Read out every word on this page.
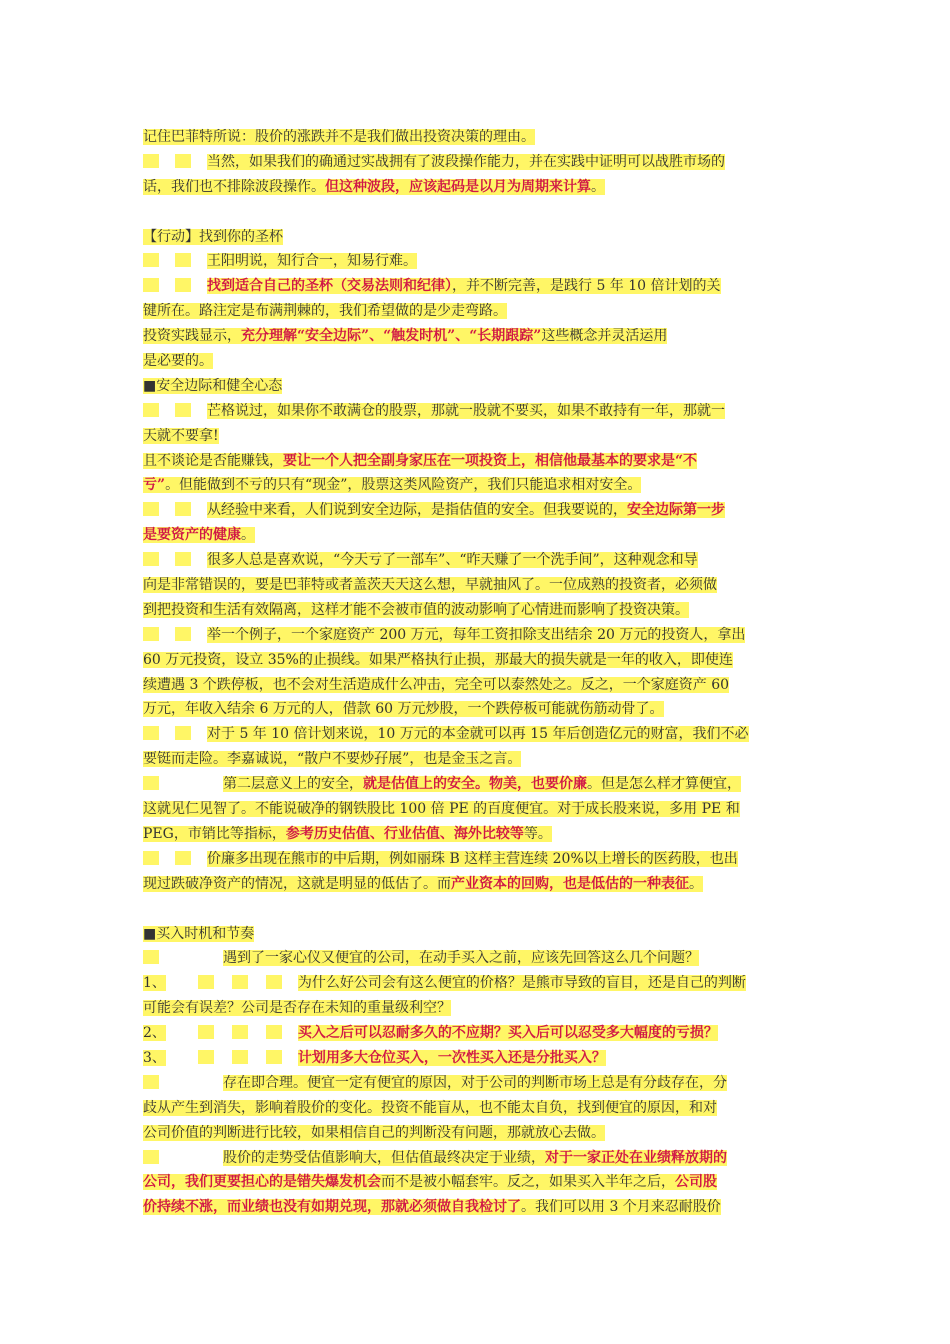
记住巴菲特所说：股价的涨跌并不是我们做出投资决策的理由。
当然，如果我们的确通过实战拥有了波段操作能力，并在实践中证明可以战胜市场的
话，我们也不排除波段操作。但这种波段，应该起码是以月为周期来计算。
【行动】找到你的圣杯
王阳明说，知行合一，知易行难。
找到适合自己的圣杯（交易法则和纪律），并不断完善，是践行 5 年 10 倍计划的关
键所在。路注定是布满荆棘的，我们希望做的是少走弯路。
投资实践显示，充分理解“安全边际”、“触发时机”、“长期跟踪”这些概念并灵活运用
是必要的。
■安全边际和健全心态
芒格说过，如果你不敢满仓的股票，那就一股就不要买，如果不敢持有一年，那就一
天就不要拿!
且不谈论是否能赚钱，要让一个人把全副身家压在一项投资上，相信他最基本的要求是“不
亏”。但能做到不亏的只有“现金”，股票这类风险资产，我们只能追求相对安全。
从经验中来看，人们说到安全边际，是指估值的安全。但我要说的，安全边际第一步
是要资产的健康。
很多人总是喜欢说，“今天亏了一部车”、“昨天赚了一个洗手间”，这种观念和导
向是非常错误的，要是巴菲特或者盖茨天天这么想，早就抽风了。一位成熟的投资者，必须做
到把投资和生活有效隔离，这样才能不会被市值的波动影响了心情进而影响了投资决策。
举一个例子，一个家庭资产 200 万元，每年工资扣除支出结余 20 万元的投资人，拿出
60 万元投资，设立 35%的止损线。如果严格执行止损，那最大的损失就是一年的收入，即使连
续遭遇 3 个跌停板，也不会对生活造成什么冲击，完全可以泰然处之。反之，一个家庭资产 60
万元，年收入结余 6 万元的人，借款 60 万元炒股，一个跌停板可能就伤筋动骨了。
对于 5 年 10 倍计划来说，10 万元的本金就可以再 15 年后创造亿元的财富，我们不必
要铤而走险。李嘉诚说，“散户不要炒孖展”，也是金玉之言。
第二层意义上的安全，就是估值上的安全。物美，也要价廉。但是怎么样才算便宜，
这就见仁见智了。不能说破净的钢铁股比 100 倍 PE 的百度便宜。对于成长股来说，多用 PE 和
PEG，市销比等指标，参考历史估值、行业估值、海外比较等等。
价廉多出现在熊市的中后期，例如丽珠 B 这样主营连续 20%以上增长的医药股，也出
现过跌破净资产的情况，这就是明显的低估了。而产业资本的回购，也是低估的一种表征。
■买入时机和节奏
遇到了一家心仪又便宜的公司，在动手买入之前，应该先回答这么几个问题？
1、	为什么好公司会有这么便宜的价格？是熊市导致的盲目，还是自己的判断
可能会有误差？公司是否存在未知的重量级利空？
2、	买入之后可以忍耐多久的不应期？买入后可以忍受多大幅度的亏损？
3、	计划用多大仓位买入，一次性买入还是分批买入？
存在即合理。便宜一定有便宜的原因，对于公司的判断市场上总是有分歧存在，分
歧从产生到消失，影响着股价的变化。投资不能盲从，也不能太自负，找到便宜的原因，和对
公司价值的判断进行比较，如果相信自己的判断没有问题，那就放心去做。
股价的走势受估值影响大，但估值最终决定于业绩，对于一家正处在业绩释放期的
公司，我们更要担心的是错失爆发机会而不是被小幅套牢。反之，如果买入半年之后，公司股
价持续不涨，而业绩也没有如期兑现，那就必须做自我检讨了。我们可以用 3 个月来忍耐股价
